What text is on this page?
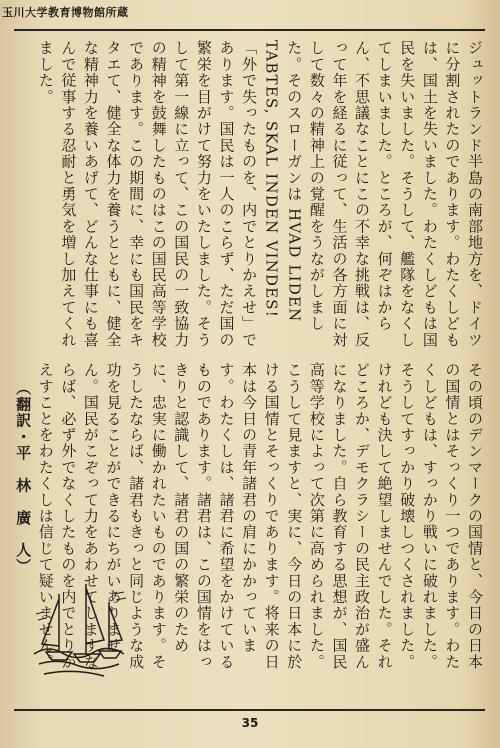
玉川大学教育博物館所蔵
ジュットランド半島の南部地方を、ドイツに分割されたのであります。わたくしどもは、国土を失いました。わたくしどもは国民を失いました。そうして、艦隊をなくしてしまいました。ところが、何ぞはからん、不思議なことにこの不幸な挑戦は、反って年を経るに従って、生活の各方面に対して数々の精神上の覚醒をうながしました。そのスローガンは HVAD LIDEN TABTES, SKAL INDEN VINDES!「外で失ったものを、内でとりかえせ」であります。国民は一人のこらず、ただ国の繁栄を目がけて努力をいたしました。そうして第一線に立って、この国民の一致協力の精神を鼓舞したものはこの国民高等学校であります。この期間に、幸にも国民をキタエて、健全な体力を養うとともに、健全な精神力を養いあげて、どんな仕事にも喜んで従事する忍耐と勇気を増し加えてくれました。
その頃のデンマークの国情と、今日の日本の国情とはそっくり一つであります。わたくしどもは、すっかり戦いに破れました。そうしてすっかり破壊しつくされました。けれども決して絶望しませんでした。それどころか、デモクラシーの民主政治が盛んになりました。自ら教育する思想が、国民高等学校によって次第に高められました。こうして見ますと、実に、今日の日本に於ける国情とそっくりであります。将来の日本は今日の青年諸君の肩にかかっています。わたくしは、諸君に希望をかけているものであります。諸君は、この国情をはっきりと認識して、諸君の国の繁栄のために、忠実に働かれたいものであります。そうしたならば、諸君もきっと同じような成功を見ることができるにちがいありません。国民がこぞって力をあわせてしますならば、必ず外でなくしたものを内でとりかえすことをわたくしは信じて疑いません。 （翻訳・平　林　廣　人）
35
